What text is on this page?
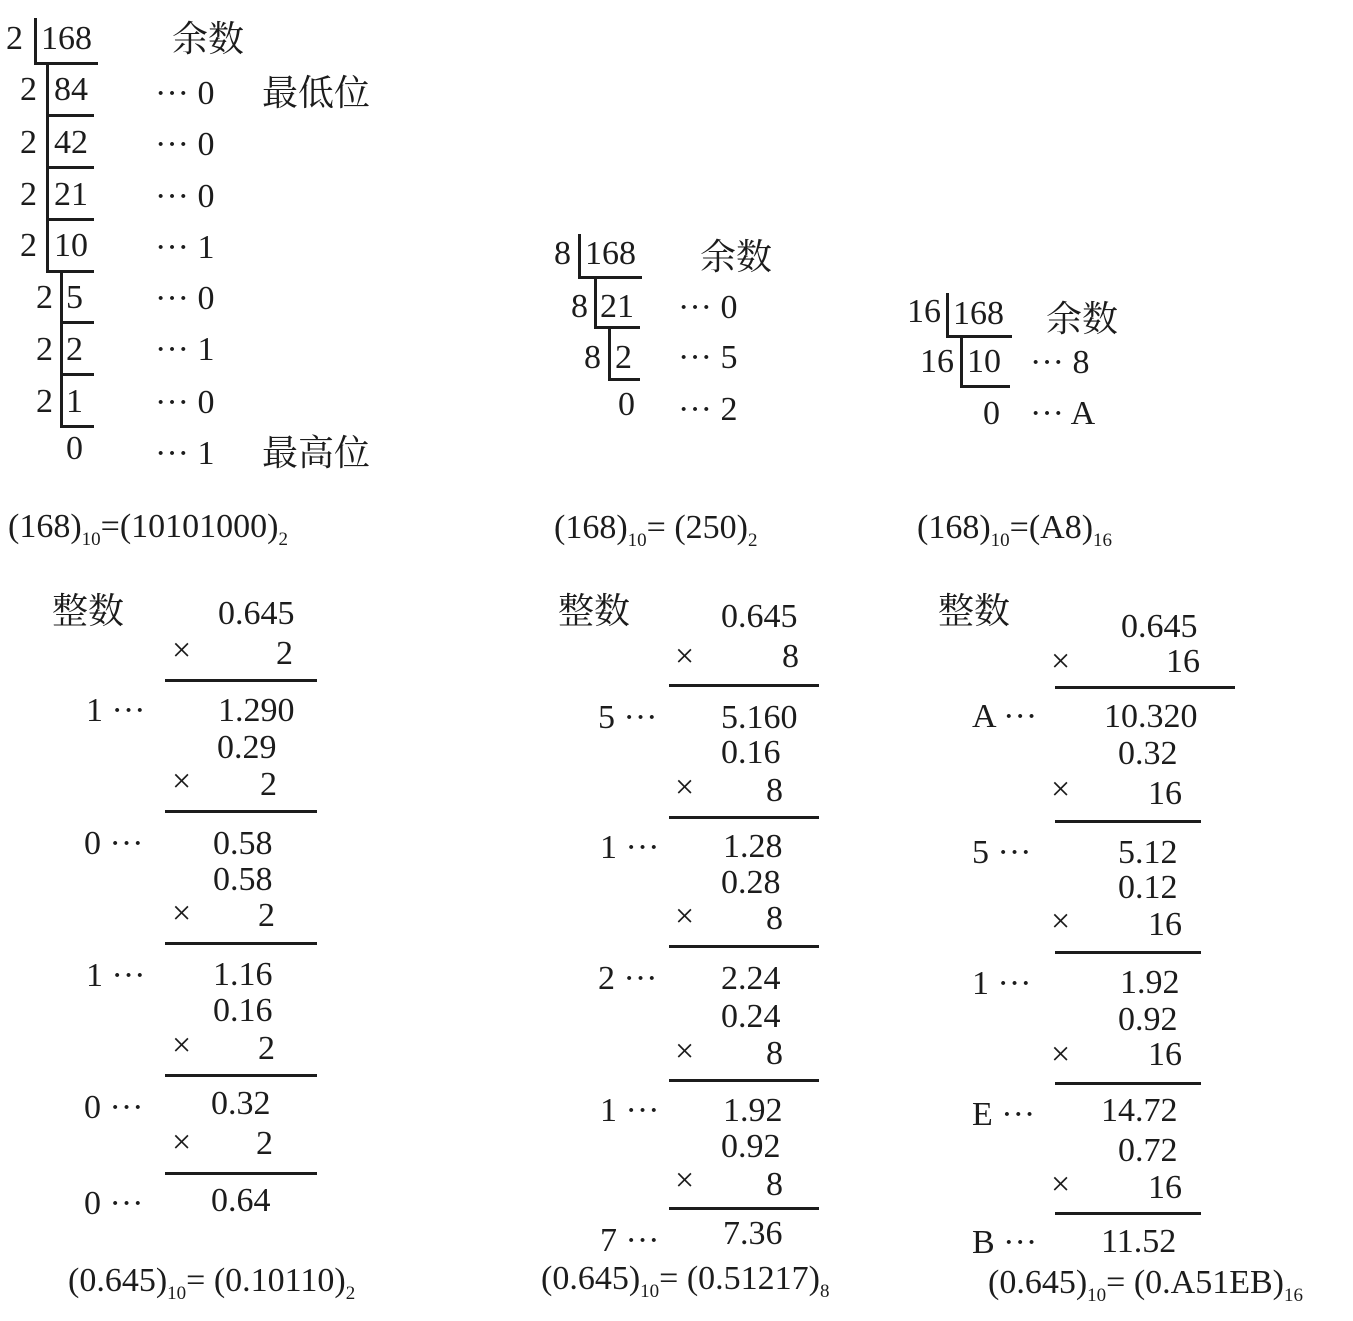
2 168 余数
2 84 ··· 0 最低位
2 42 ··· 0
2 21 ··· 0
2 10 ··· 1
2 5 ··· 0
2 2 ··· 1
2 1 ··· 0
0 ··· 1 最高位
$(168)_{10}=(10101000)_2$
8 168 余数
8 21 ··· 0
8 2 ··· 5
0 ··· 2
$(168)_{10}= (250)_2$
16 168 余数
16 10 ··· 8
0 ··· A
$(168)_{10}=(A8)_{16}$
整数	0.645
× 2
1 ··· 1.290
0.29
× 2
0 ··· 0.58
0.58
× 2
1 ··· 1.16
0.16
× 2
0 ··· 0.32
× 2
0 ··· 0.64
$(0.645)_{10}= (0.10110)_2$
整数	0.645
×	8
5 ··· 5.160
0.16
× 8
1 ··· 1.28
0.28
× 8
2 ··· 2.24
0.24
× 8
1 ··· 1.92
0.92
× 8
7 ··· 7.36
$(0.645)_{10}= (0.51217)_8$
整数	0.645
×	16
A ··· 10.320
0.32
× 16
5 ···	5.12
0.12
× 16
1 ···	1.92
0.92
× 16
E ··· 14.72
0.72
× 16
B ··· 11.52
$(0.645)_{10}= (0.A51EB)_{16}$
